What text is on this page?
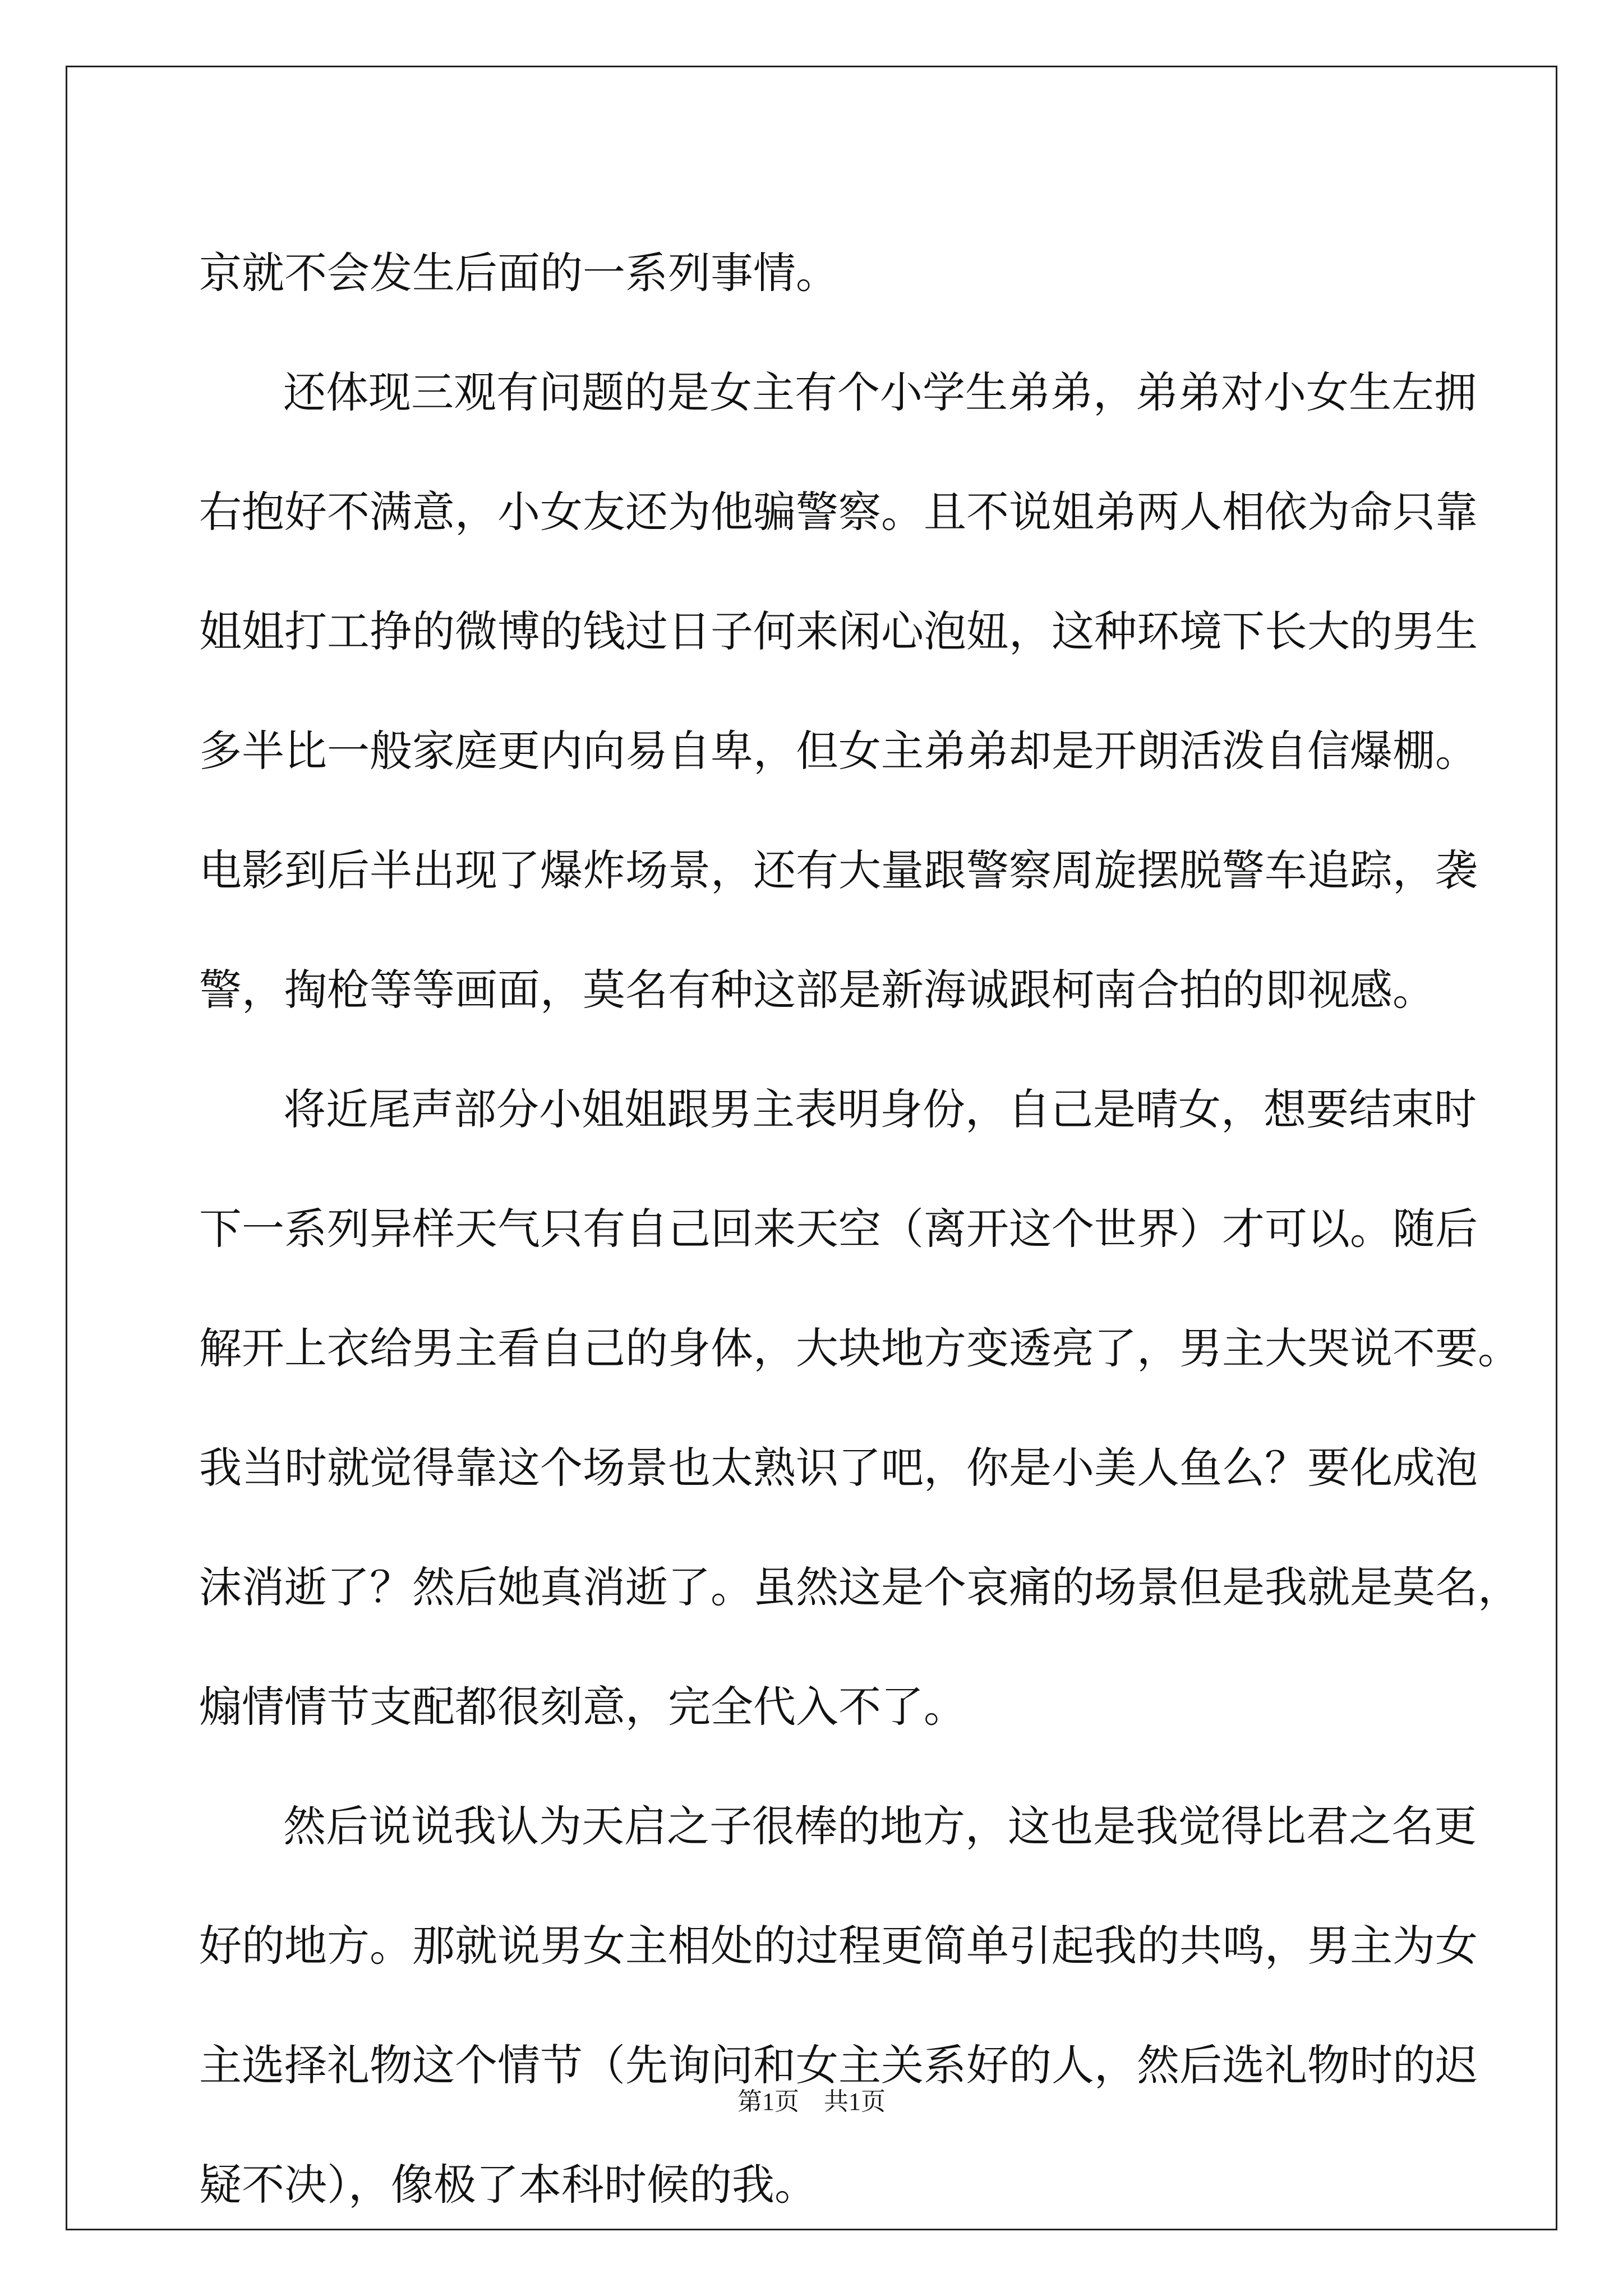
京就不会发生后面的一系列事情。
还体现三观有问题的是女主有个小学生弟弟，弟弟对小女生左拥
右抱好不满意，小女友还为他骗警察。且不说姐弟两人相依为命只靠
姐姐打工挣的微博的钱过日子何来闲心泡妞，这种环境下长大的男生
多半比一般家庭更内向易自卑，但女主弟弟却是开朗活泼自信爆棚。
电影到后半出现了爆炸场景，还有大量跟警察周旋摆脱警车追踪，袭
警，掏枪等等画面，莫名有种这部是新海诚跟柯南合拍的即视感。
将近尾声部分小姐姐跟男主表明身份，自己是晴女，想要结束时
下一系列异样天气只有自己回来天空（离开这个世界）才可以。随后
解开上衣给男主看自己的身体，大块地方变透亮了，男主大哭说不要。
我当时就觉得靠这个场景也太熟识了吧，你是小美人鱼么？要化成泡
沫消逝了？然后她真消逝了。虽然这是个哀痛的场景但是我就是莫名，
煽情情节支配都很刻意，完全代入不了。
然后说说我认为天启之子很棒的地方，这也是我觉得比君之名更
好的地方。那就说男女主相处的过程更简单引起我的共鸣，男主为女
主选择礼物这个情节（先询问和女主关系好的人，然后选礼物时的迟
疑不决），像极了本科时候的我。
第1页　共1页
